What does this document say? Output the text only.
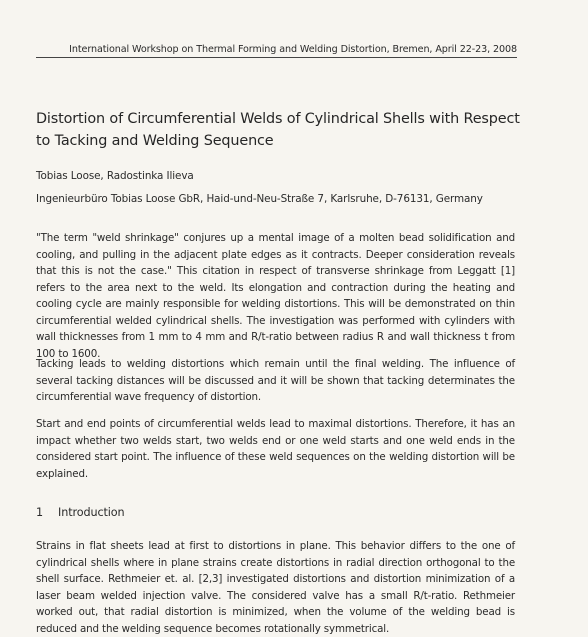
International Workshop on Thermal Forming and Welding Distortion, Bremen, April 22-23, 2008
Distortion of Circumferential Welds of Cylindrical Shells with Respect to Tacking and Welding Sequence
Tobias Loose, Radostinka Ilieva
Ingenieurbüro Tobias Loose GbR, Haid-und-Neu-Straße 7, Karlsruhe, D-76131, Germany
"The term "weld shrinkage" conjures up a mental image of a molten bead solidification and cooling, and pulling in the adjacent plate edges as it contracts. Deeper consideration reveals that this is not the case." This citation in respect of transverse shrinkage from Leggatt [1] refers to the area next to the weld. Its elongation and contraction during the heating and cooling cycle are mainly responsible for welding distortions. This will be demonstrated on thin circumferential welded cylindrical shells. The investigation was performed with cylinders with wall thicknesses from 1 mm to 4 mm and R/t-ratio between radius R and wall thickness t from 100 to 1600.
Tacking leads to welding distortions which remain until the final welding. The influence of several tacking distances will be discussed and it will be shown that tacking determinates the circumferential wave frequency of distortion.
Start and end points of circumferential welds lead to maximal distortions. Therefore, it has an impact whether two welds start, two welds end or one weld starts and one weld ends in the considered start point. The influence of these weld sequences on the welding distortion will be explained.
1 Introduction
Strains in flat sheets lead at first to distortions in plane. This behavior differs to the one of cylindrical shells where in plane strains create distortions in radial direction orthogonal to the shell surface. Rethmeier et. al. [2,3] investigated distortions and distortion minimization of a laser beam welded injection valve. The considered valve has a small R/t-ratio. Rethmeier worked out, that radial distortion is minimized, when the volume of the welding bead is reduced and the welding sequence becomes rotationally symmetrical.
